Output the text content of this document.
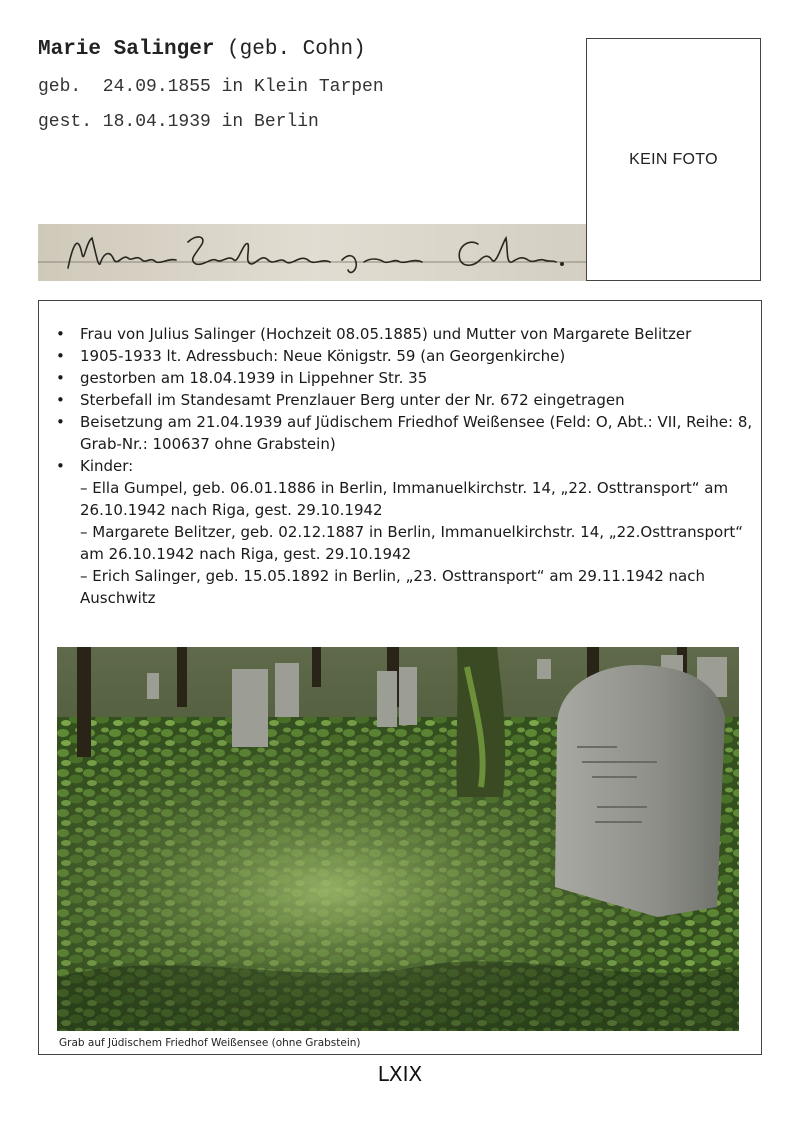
Marie Salinger (geb. Cohn)
geb.  24.09.1855 in Klein Tarpen
gest. 18.04.1939 in Berlin
KEIN FOTO
• Frau von Julius Salinger (Hochzeit 08.05.1885) und Mutter von Margarete Belitzer
• 1905-1933 lt. Adressbuch: Neue Königstr. 59 (an Georgenkirche)
• gestorben am 18.04.1939 in Lippehner Str. 35
• Sterbefall im Standesamt Prenzlauer Berg unter der Nr. 672 eingetragen
• Beisetzung am 21.04.1939 auf Jüdischem Friedhof Weißensee (Feld: O, Abt.: VII, Reihe: 8, Grab-Nr.: 100637 ohne Grabstein)
• Kinder:
– Ella Gumpel, geb. 06.01.1886 in Berlin, Immanuelkirchstr. 14, „22. Osttransport“ am 26.10.1942 nach Riga, gest. 29.10.1942
– Margarete Belitzer, geb. 02.12.1887 in Berlin, Immanuelkirchstr. 14, „22.Osttransport“ am 26.10.1942 nach Riga, gest. 29.10.1942
– Erich Salinger, geb. 15.05.1892 in Berlin, „23. Osttransport“ am 29.11.1942 nach Auschwitz
Grab auf Jüdischem Friedhof Weißensee (ohne Grabstein)
LXIX
